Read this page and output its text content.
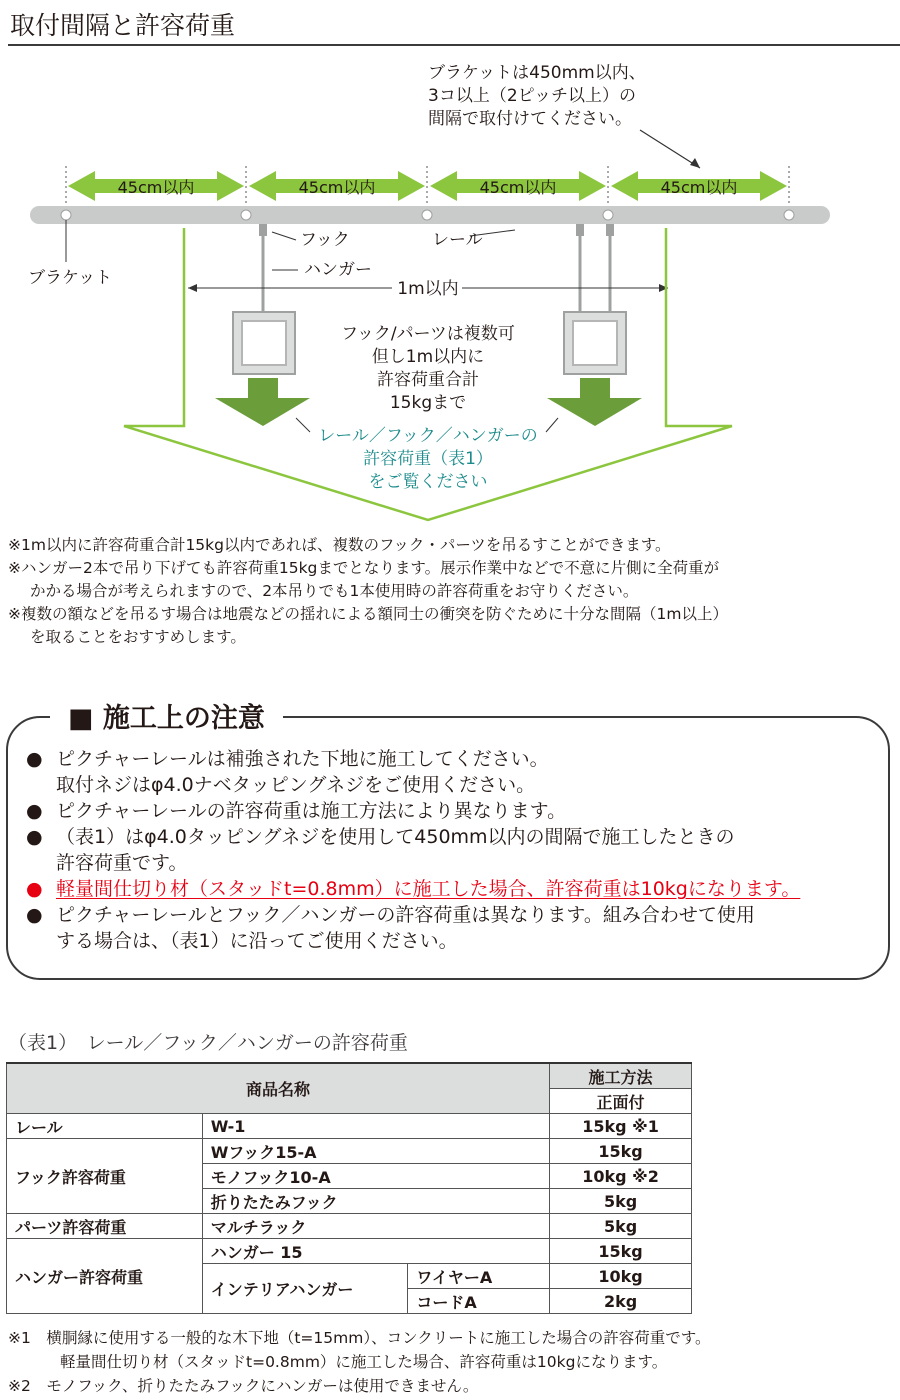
取付間隔と許容荷重
ブラケットは450mm以内、
3コ以上（2ピッチ以上）の
間隔で取付けてください。
45cm以内	45cm以内	45cm以内	45cm以内
ブラケット
フック	レール
ハンガー
1m以内
フック/パーツは複数可
但し1m以内に
許容荷重合計
15kgまで
レール／フック／ハンガーの
許容荷重（表1）
をご覧ください

※1m以内に許容荷重合計15kg以内であれば、複数のフック・パーツを吊るすことができます。

※ハンガー2本で吊り下げても許容荷重15kgまでとなります。展示作業中などで不意に片側に全荷重が

かかる場合が考えられますので、2本吊りでも1本使用時の許容荷重をお守りください。

※複数の額などを吊るす場合は地震などの揺れによる額同士の衝突を防ぐために十分な間隔（1m以上）

を取ることをおすすめします。

■ 施工上の注意
● ピクチャーレールは補強された下地に施工してください。
取付ネジはφ4.0ナベタッピングネジをご使用ください。
● ピクチャーレールの許容荷重は施工方法により異なります。
● （表1）はφ4.0タッピングネジを使用して450mm以内の間隔で施工したときの
許容荷重です。
● 軽量間仕切り材（スタッドt=0.8mm）に施工した場合、許容荷重は10kgになります。
● ピクチャーレールとフック／ハンガーの許容荷重は異なります。組み合わせて使用
する場合は、（表1）に沿ってご使用ください。
（表1）　レール／フック／ハンガーの許容荷重
商品名称			施工方法
			正面付
レール	W-1		15kg ※1
フック許容荷重	Wフック15-A		15kg
	モノフック10-A		10kg ※2
	折りたたみフック		5kg
パーツ許容荷重	マルチラック		5kg
ハンガー許容荷重	ハンガー 15		15kg
	インテリアハンガー	ワイヤーA	10kg
		コードA	2kg
※1　横胴縁に使用する一般的な木下地（t=15mm）、コンクリートに施工した場合の許容荷重です。
軽量間仕切り材（スタッドt=0.8mm）に施工した場合、許容荷重は10kgになります。
※2　モノフック、折りたたみフックにハンガーは使用できません。
